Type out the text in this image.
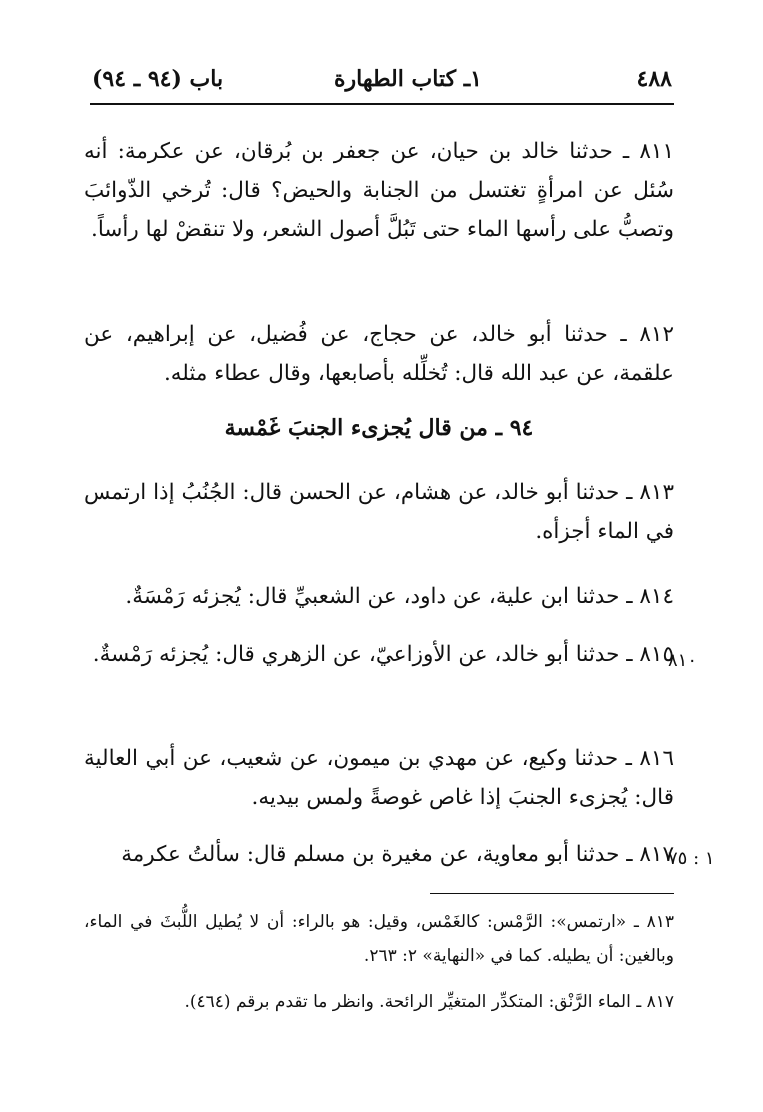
٤٨٨
١ـ كتاب الطهارة
باب (٩٤ ـ ٩٤)

٨١١ ـ حدثنا خالد بن حيان، عن جعفر بن بُرقان، عن عكرمة: أنه سُئل عن امرأةٍ تغتسل من الجنابة والحيض؟ قال: تُرخي الذّوائبَ وتصبُّ على رأسها الماء حتى تَبُلَّ أصول الشعر، ولا تنقضْ لها رأساً.

٨١٢ ـ حدثنا أبو خالد، عن حجاج، عن فُضيل، عن إبراهيم، عن علقمة، عن عبد الله قال: تُخلِّله بأصابعها، وقال عطاء مثله.

٩٤ ـ من قال يُجزىء الجنبَ غَمْسة

٨١٣ ـ حدثنا أبو خالد، عن هشام، عن الحسن قال: الجُنُبُ إذا ارتمس في الماء أجزأه.

٨١٤ ـ حدثنا ابن علية، عن داود، عن الشعبيِّ قال: يُجزئه رَمْسَةٌ.

٨١٥ ـ حدثنا أبو خالد، عن الأوزاعيّ، عن الزهري قال: يُجزئه رَمْسةٌ.

٨١٠

٨١٦ ـ حدثنا وكيع، عن مهدي بن ميمون، عن شعيب، عن أبي العالية قال: يُجزىء الجنبَ إذا غاص غوصةً ولمس بيديه.

٨١٧ ـ حدثنا أبو معاوية، عن مغيرة بن مسلم قال: سألتُ عكرمة

١ : ٧٥

٨١٣ ـ «ارتمس»: الرَّمْس: كالغَمْس، وقيل: هو بالراء: أن لا يُطيل اللُّبثَ في الماء، وبالغين: أن يطيله. كما في «النهاية» ٢: ٢٦٣.

٨١٧ ـ الماء الرَّنْق: المتكدِّر المتغيِّر الرائحة. وانظر ما تقدم برقم (٤٦٤).
